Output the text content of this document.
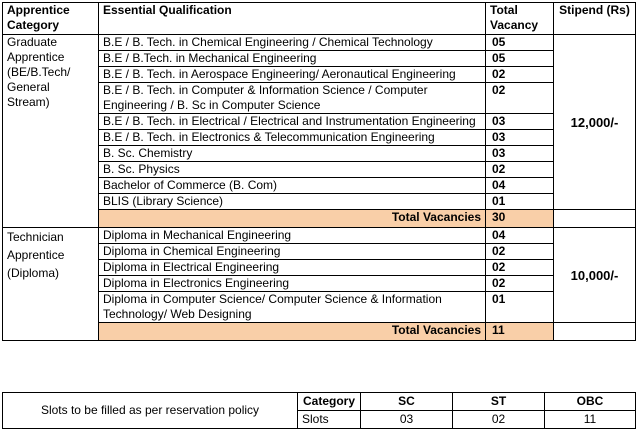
Apprentice Category	Essential Qualification	Total Vacancy	Stipend (Rs)

Graduate
Apprentice
(BE/B.Tech/
General Stream)	B.E / B. Tech. in Chemical Engineering / Chemical Technology	05	12,000/-
	B.E / B.Tech. in Mechanical Engineering	05	
	B.E / B. Tech. in Aerospace Engineering/ Aeronautical Engineering	02	
	B.E / B. Tech. in Computer & Information Science / Computer Engineering / B. Sc in Computer Science	02	
	B.E / B. Tech. in Electrical / Electrical and Instrumentation Engineering	03	
	B.E / B. Tech. in Electronics & Telecommunication Engineering	03	
	B. Sc. Chemistry	03	
	B. Sc. Physics	02	
	Bachelor of Commerce (B. Com)	04	
	BLIS (Library Science)	01	
	Total Vacancies	30	

Technician
Apprentice
(Diploma)	Diploma in Mechanical Engineering	04	10,000/-
	Diploma in Chemical Engineering	02	
	Diploma in Electrical Engineering	02	
	Diploma in Electronics Engineering	02	
	Diploma in Computer Science/ Computer Science & Information Technology/ Web Designing	01	
	Total Vacancies	11	
Slots to be filled as per reservation policy	Category	SC	ST	OBC
	Slots	03	02	11
